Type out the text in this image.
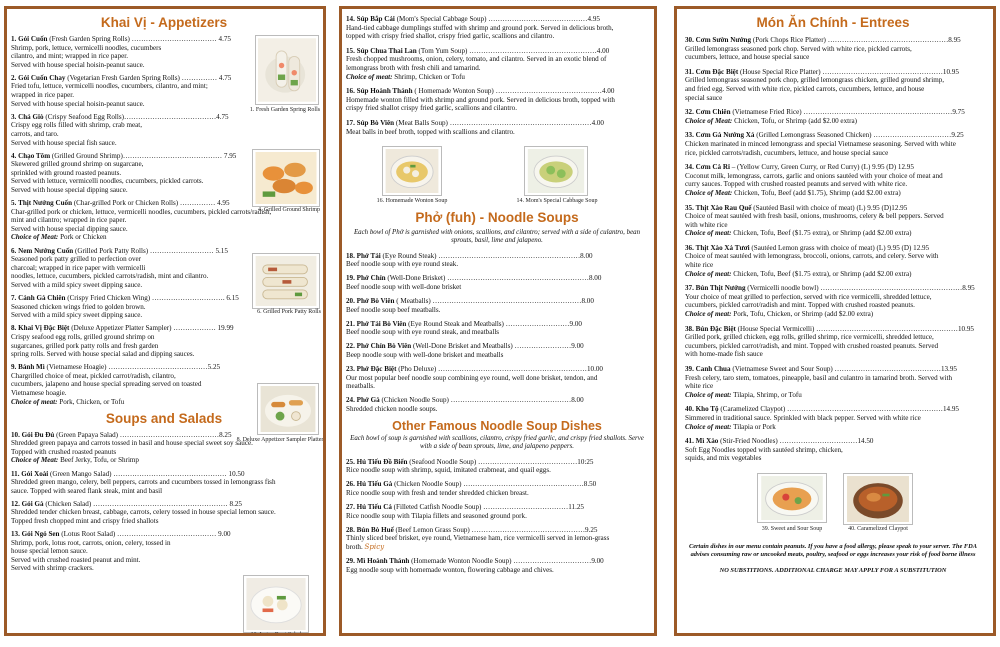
Khai Vị - Appetizers

1. Gỏi Cuốn (Fresh Garden Spring Rolls) ……………………………… 4.75
Shrimp, pork, lettuce, vermicelli noodles, cucumbers
cilantro, and mint; wrapped in rice paper.
Served with house special hoisin-peanut sauce.

2. Gỏi Cuốn Chay (Vegetarian Fresh Garden Spring Rolls) …………… 4.75
Fried tofu, lettuce, vermicelli noodles, cucumbers, cilantro, and mint;
wrapped in rice paper.
Served with house special hoisin-peanut sauce.

3. Chả Giò (Crispy Seafood Egg Rolls)…………………………………4.75
Crispy egg rolls filled with shrimp, crab meat,
carrots, and taro.
Served with house special fish sauce.

4. Chạo Tôm (Grilled Ground Shrimp)…………………………………… 7.95
Skewered grilled ground shrimp on sugarcane,
sprinkled with ground roasted peanuts.
Served with lettuce, vermicelli noodles, cucumbers, pickled carrots.
Served with house special dipping sauce.

5. Thịt Nướng Cuốn (Char-grilled Pork or Chicken Rolls) …………… 4.95
Char-grilled pork or chicken, lettuce, vermicelli noodles, cucumbers, pickled carrots/radish,
mint and cilantro; wrapped in rice paper.
Served with house special dipping sauce.
Choice of Meat: Pork or Chicken

6. Nem Nướng Cuốn (Grilled Pork Patty Rolls) ……………………… 5.15
Seasoned pork patty grilled to perfection over
charcoal; wrapped in rice paper with vermicelli
noodles, lettuce, cucumbers, pickled carrots/radish, mint and cilantro.
Served with a mild spicy sweet dipping sauce.

7. Cánh Gà Chiên (Crispy Fried Chicken Wing) …………………………. 6.15
Seasoned chicken wings fried to golden brown.
Served with a mild spicy sweet dipping sauce.

8. Khai Vị Đặc Biệt (Deluxe Appetizer Platter Sampler) ……………… 19.99
Crispy seafood egg rolls, grilled ground shrimp on
sugarcanes, grilled pork patty rolls and fresh garden
spring rolls. Served with house special salad and dipping sauces.

9. Bánh Mì (Vietnamese Hoagie) ……………………………………5.25
Chargrilled choice of meat, pickled carrot/radish, cilantro,
cucumbers, jalapeno and house special spreading served on toasted
Vietnamese hoagie.
Choice of meat: Pork, Chicken, or Tofu

Soups and Salads

10. Gỏi Đu Đủ (Green Papaya Salad) ……………………………………8.25
Shredded green papaya and carrots tossed in basil and house special sweet soy sauce.
Topped with crushed roasted peanuts
Choice of Meat: Beef Jerky, Tofu, or Shrimp

11. Gỏi Xoài (Green Mango Salad) ………………………………………… 10.50
Shredded green mango, celery, bell peppers, carrots and cucumbers tossed in lemongrass fish
sauce. Topped with seared flank steak, mint and basil

12. Gỏi Gà (Chicken Salad) ………………………………………………… 8.25
Shredded tender chicken breast, cabbage, carrots, celery tossed in house special lemon sauce.
Topped fresh chopped mint and crispy fried shallots

13. Gỏi Ngó Sen (Lotus Root Salad) …………………………………… 9.00
Shrimp, pork, lotus root, carrots, onion, celery, tossed in
house special lemon sauce.
Served with crushed roasted peanut and mint.
Served with shrimp crackers.

1. Fresh Garden Spring Rolls
4. Grilled Ground Shrimp
6. Grilled Pork Patty Rolls
8. Deluxe Appetizer Sampler Platter
13. Lotus Root Salad

14. Súp Bắp Cải (Mom's Special Cabbage Soup) ……………………………………4.95
Hand-tied cabbage dumplings stuffed with shrimp and ground pork. Served in delicious broth,
topped with crispy fried shallot, crispy fried garlic, scallions and cilantro.

15. Súp Chua Thai Lan (Tom Yum Soup) ………………………………………………4.00
Fresh chopped mushrooms, onion, celery, tomato, and cilantro. Served in an exotic blend of
lemongrass broth with fresh chili and tamarind.
Choice of meat: Shrimp, Chicken or Tofu

16. Súp Hoành Thánh ( Homemade Wonton Soup) ………………………………………4.00
Homemade wonton filled with shrimp and ground pork. Served in delicious broth, topped with
crispy fried shallot crispy fried garlic, scallions and cilantro.

17. Súp Bò Viên (Meat Balls Soup) ……………………………………………………4.00
Meat balls in beef broth, topped with scallions and cilantro.

16. Homemade Wonton Soup	14. Mom's Special Cabbage Soup
Phở (fuh) - Noodle Soups

Each bowl of Phở is garnished with onions, scallions, and cilantro; served with a side of culantro, bean sprouts, basil, lime and jalapeno.

18. Phở Tái (Eye Round Steak) ……………………………………………………8.00
Beef noodle soup with eye round steak.

19. Phở Chín (Well-Done Brisket) ……………………………………………………8.00
Beef noodle soup with well-done brisket

20. Phở Bò Viên ( Meatballs) ………………………………………………………8.00
Beef noodle soup beef meatballs.

21. Phở Tái Bò Viên (Eye Round Steak and Meatballs) ………………………9.00
Beef noodle soup with eye round steak, and meatballs

22. Phở Chín Bò Viên (Well-Done Brisket and Meatballs) ……………………9.00
Beep noodle soup with well-done brisket and meatballs

23. Phở Đặc Biệt (Pho Deluxe) ………………………………………………………10.00
Our most popular beef noodle soup combining eye round, well done brisket, tendon, and
meatballs.

24. Phở Gà (Chicken Noodle Soup) ……………………………………………8.00
Shredded chicken noodle soups.

Other Famous Noodle Soup Dishes

Each bowl of soup is garnished with scallions, cilantro, crispy fried garlic, and crispy fried shallots. Serve with a side of bean sprouts, lime, and jalapeno peppers.

25. Hủ Tiếu Đồ Biển (Seafood Noodle Soup) ……………………………………10:25
Rice noodle soup with shrimp, squid, imitated crabmeat, and quail eggs.

26. Hủ Tiếu Gà (Chicken Noodle Soup) ……………………………………………8.50
Rice noodle soup with fresh and tender shredded chicken breast.

27. Hủ Tiếu Cá (Filleted Catfish Noodle Soup) ………………………………11.25
Rice noodle soup with Tilapia fillets and seasoned ground pork.

28. Bún Bò Huế (Beef Lemon Grass Soup) …………………………………………9.25
Thinly sliced beef brisket, eye round, Vietnamese ham, rice vermicelli served in lemon-grass
broth. Spicy

29. Mì Hoành Thánh (Homemade Wonton Noodle Soup) ……………………………9.00
Egg noodle soup with homemade wonton, flowering cabbage and chives.

Món Ăn Chính - Entrees

30. Cơm Sườn Nướng (Pork Chops Rice Platter) ……………………………………………8.95
Grilled lemongrass seasoned pork chop. Served with white rice, pickled carrots,
cucumbers, lettuce, and house special sauce

31. Cơm Đặc Biệt (House Special Rice Platter) ……………………………………………10.95
Grilled lemongrass seasoned pork chop, grilled lemongrass chicken, grilled ground shrimp,
and fried egg. Served with white rice, pickled carrots, cucumbers, lettuce, and house
special sauce

32. Cơm Chiên (Vietnamese Fried Rice) ………………………………………………………9.75
Choice of Meat: Chicken, Tofu, or Shrimp (add $2.00 extra)

33. Cơm Gà Nướng Xả (Grilled Lemongrass Seasoned Chicken) ……………………………9.25
Chicken marinated in minced lemongrass and special Vietnamese seasoning. Served with white
rice, pickled carrots/radish, cucumbers, lettuce, and house special sauce

34. Cơm Cà Ri – (Yellow Curry, Green Curry, or Red Curry) (L) 9.95 (D) 12.95
Coconut milk, lemongrass, carrots, garlic and onions sautéed with your choice of meat and
curry sauces. Topped with crushed roasted peanuts and served with white rice.
Choice of Meat: Chicken, Tofu, Beef (add $1.75), Shrimp (add $2.00 extra)

35. Thịt Xào Rau Quế (Sautéed Basil with choice of meat) (L) 9.95 (D)12.95
Choice of meat sautéed with fresh basil, onions, mushrooms, celery & bell peppers. Served
with white rice
Choice of meat: Chicken, Tofu, Beef ($1.75 extra), or Shrimp (add $2.00 extra)

36. Thịt Xào Xả Tươi (Sautéed Lemon grass with choice of meat) (L) 9.95 (D) 12.95
Choice of meat sautéed with lemongrass, broccoli, onions, carrots, and celery. Serve with
white rice
Choice of meat: Chicken, Tofu, Beef ($1.75 extra), or Shrimp (add $2.00 extra)

37. Bún Thịt Nướng (Vermicelli noodle bowl) ……………………………………………………8.95
Your choice of meat grilled to perfection, served with rice vermicelli, shredded lettuce,
cucumbers, pickled carrot/radish and mint. Topped with crushed roasted peanuts.
Choice of meat: Pork, Tofu, Chicken, or Shrimp (add $2.00 extra)

38. Bún Đặc Biệt (House Special Vermicelli) ……………………………………………………10.95
Grilled pork, grilled chicken, egg rolls, grilled shrimp, rice vermicelli, shredded lettuce,
cucumbers, pickled carrot/radish, and mint. Topped with crushed roasted peanuts. Served
with home-made fish sauce

39. Canh Chua (Vietnamese Sweet and Sour Soup) ………………………………………13.95
Fresh celery, taro stem, tomatoes, pineapple, basil and culantro in tamarind broth. Served with
white rice
Choice of meat: Tilapia, Shrimp, or Tofu

40. Kho Tộ (Caramelized Claypot) …………………………………………………………14.95
Simmered in traditional sauce. Sprinkled with black pepper. Served with white rice
Choice of meat: Tilapia or Pork

41. Mì Xào (Stir-Fried Noodles) ……………………………14.50
Soft Egg Noodles topped with sautéed shrimp, chicken,
squids, and mix vegetables

39. Sweet and Sour Soup	40. Caramelized Claypot

Certain dishes in our menu contain peanuts. If you have a food allergy, please speak to your server. The FDA advises consuming raw or uncooked meats, poultry, seafood or eggs increases your risk of food borne illness

NO SUBSTITIONS. ADDITIONAL CHARGE MAY APPLY FOR A SUBSTITUTION
